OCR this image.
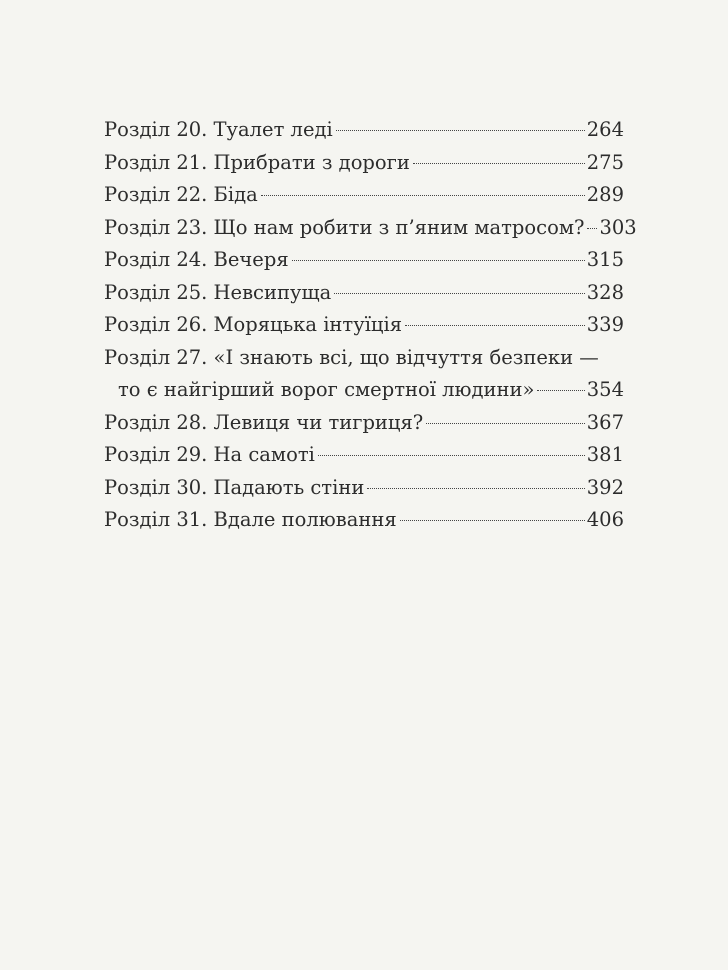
Розділ 20. Туалет леді	264
Розділ 21. Прибрати з дороги	275
Розділ 22. Біда	289
Розділ 23. Що нам робити з п’яним матросом? 303
Розділ 24. Вечеря	315
Розділ 25. Невсипуща	328
Розділ 26. Моряцька інтуїція	339
Розділ 27. «І знають всі, що відчуття безпеки —
то є найгірший ворог смертної людини»	354
Розділ 28. Левиця чи тигриця?	367
Розділ 29. На самоті	381
Розділ 30. Падають стіни	392
Розділ 31. Вдале полювання	406
